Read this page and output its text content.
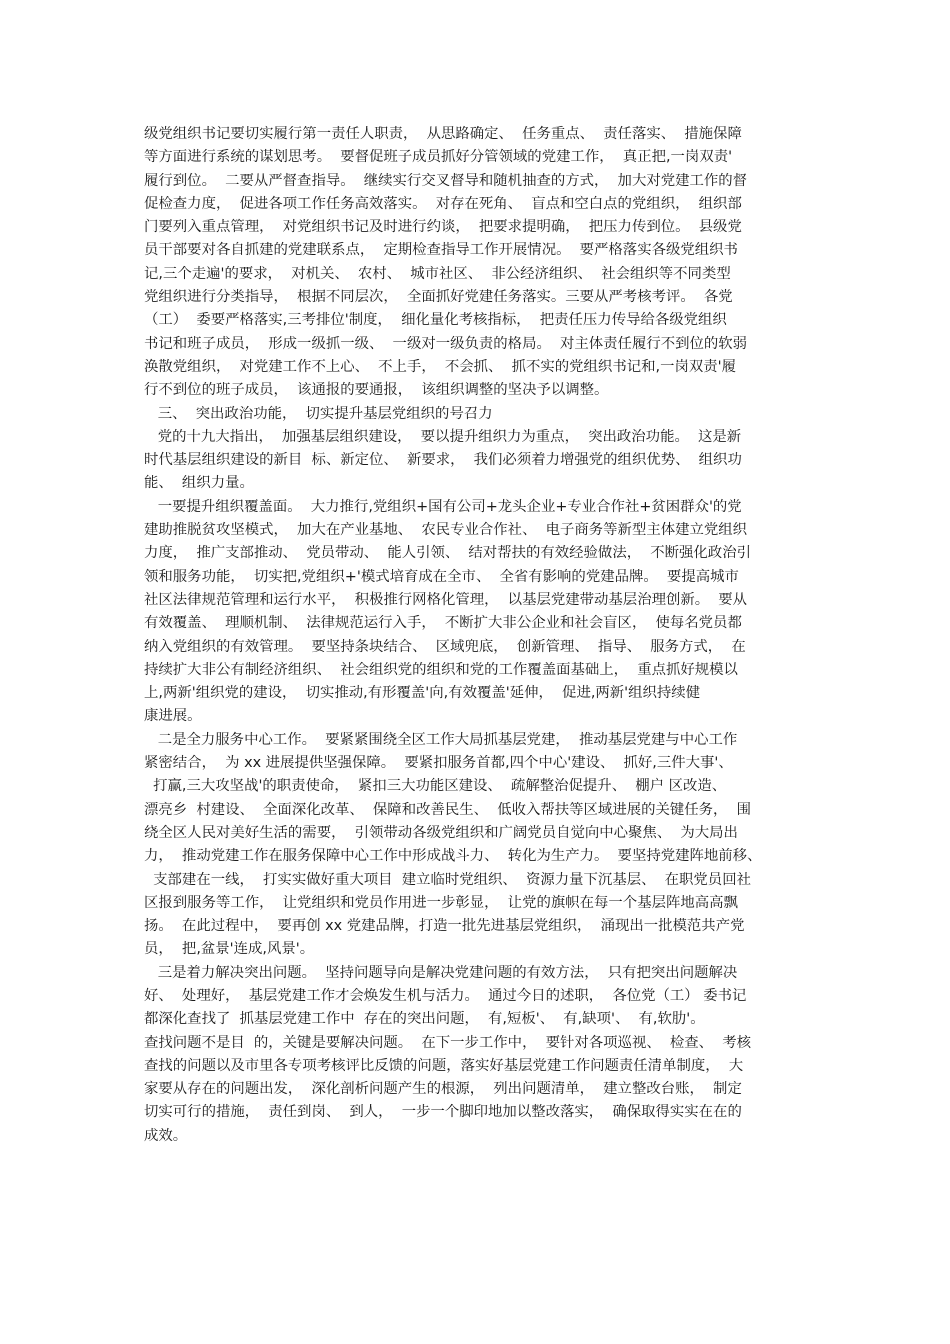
级党组织书记要切实履行第一责任人职责，  从思路确定、  任务重点、  责任落实、  措施保障
等方面进行系统的谋划思考。  要督促班子成员抓好分管领域的党建工作，  真正把,一岗双责'
履行到位。  二要从严督查指导。  继续实行交叉督导和随机抽查的方式，  加大对党建工作的督
促检查力度，  促进各项工作任务高效落实。  对存在死角、  盲点和空白点的党组织，  组织部
门要列入重点管理，  对党组织书记及时进行约谈，  把要求提明确，  把压力传到位。  县级党
员干部要对各自抓建的党建联系点，  定期检查指导工作开展情况。  要严格落实各级党组织书
记,三个走遍'的要求，  对机关、  农村、  城市社区、  非公经济组织、  社会组织等不同类型
党组织进行分类指导，  根据不同层次，  全面抓好党建任务落实。三要从严考核考评。  各党
（工）  委要严格落实,三考排位'制度，  细化量化考核指标，  把责任压力传导给各级党组织
书记和班子成员，  形成一级抓一级、  一级对一级负责的格局。  对主体责任履行不到位的软弱
涣散党组织，  对党建工作不上心、  不上手，  不会抓、  抓不实的党组织书记和,一岗双责'履
行不到位的班子成员，  该通报的要通报，  该组织调整的坚决予以调整。
三、  突出政治功能，  切实提升基层党组织的号召力
党的十九大指出，  加强基层组织建设，  要以提升组织力为重点，  突出政治功能。  这是新
时代基层组织建设的新目  标、新定位、  新要求，  我们必须着力增强党的组织优势、  组织功
能、  组织力量。
一要提升组织覆盖面。  大力推行,党组织+国有公司+龙头企业+专业合作社+贫困群众'的党
建助推脱贫攻坚模式，  加大在产业基地、  农民专业合作社、  电子商务等新型主体建立党组织
力度，  推广支部推动、  党员带动、  能人引领、  结对帮扶的有效经验做法，  不断强化政治引
领和服务功能，  切实把,党组织+'模式培育成在全市、  全省有影响的党建品牌。  要提高城市
社区法律规范管理和运行水平，  积极推行网格化管理，  以基层党建带动基层治理创新。  要从
有效覆盖、  理顺机制、  法律规范运行入手，  不断扩大非公企业和社会盲区，  使每名党员都
纳入党组织的有效管理。  要坚持条块结合、  区域兜底，  创新管理、  指导、  服务方式，  在
持续扩大非公有制经济组织、  社会组织党的组织和党的工作覆盖面基础上，  重点抓好规模以
上,两新'组织党的建设，  切实推动,有形覆盖'向,有效覆盖'延伸，  促进,两新'组织持续健
康进展。
二是全力服务中心工作。  要紧紧围绕全区工作大局抓基层党建，  推动基层党建与中心工作
紧密结合，  为 xx 进展提供坚强保障。  要紧扣服务首都,四个中心'建设、  抓好,三件大事'、
打赢,三大攻坚战'的职责使命，  紧扣三大功能区建设、  疏解整治促提升、  棚户 区改造、
漂亮乡  村建设、  全面深化改革、  保障和改善民生、  低收入帮扶等区域进展的关键任务，  围
绕全区人民对美好生活的需要，  引领带动各级党组织和广阔党员自觉向中心聚焦、  为大局出
力，  推动党建工作在服务保障中心工作中形成战斗力、  转化为生产力。  要坚持党建阵地前移、
支部建在一线，  打实实做好重大项目  建立临时党组织、  资源力量下沉基层、  在职党员回社
区报到服务等工作，  让党组织和党员作用进一步彰显，  让党的旗帜在每一个基层阵地高高飘
扬。  在此过程中，  要再创 xx 党建品牌，打造一批先进基层党组织，  涌现出一批模范共产党
员，  把,盆景'连成,风景'。
三是着力解决突出问题。  坚持问题导向是解决党建问题的有效方法，  只有把突出问题解决
好、  处理好，  基层党建工作才会焕发生机与活力。  通过今日的述职，  各位党（工） 委书记
都深化查找了  抓基层党建工作中  存在的突出问题，  有,短板'、  有,缺项'、  有,软肋'。
查找问题不是目  的，关键是要解决问题。  在下一步工作中，  要针对各项巡视、  检查、  考核
查找的问题以及市里各专项考核评比反馈的问题，落实好基层党建工作问题责任清单制度，  大
家要从存在的问题出发，  深化剖析问题产生的根源，  列出问题清单，  建立整改台账，  制定
切实可行的措施，  责任到岗、  到人，  一步一个脚印地加以整改落实，  确保取得实实在在的
成效。
